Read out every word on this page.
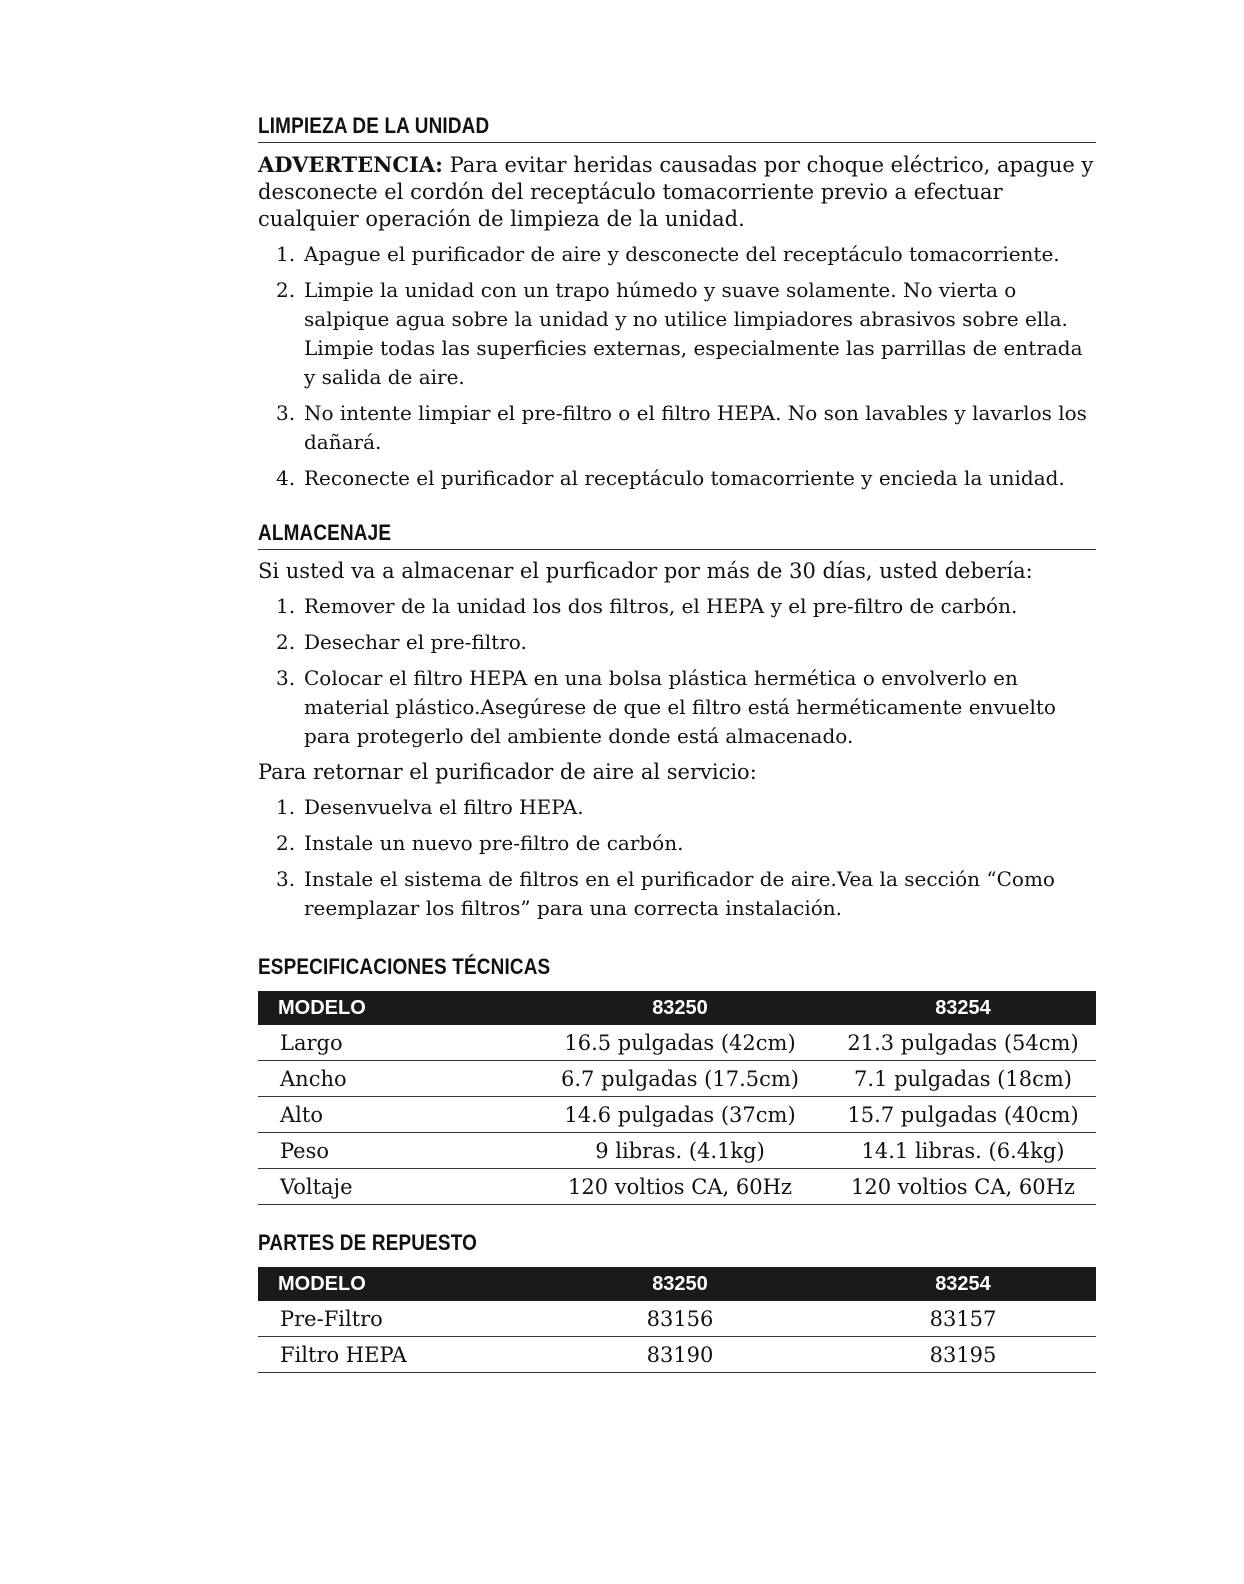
LIMPIEZA DE LA UNIDAD

ADVERTENCIA: Para evitar heridas causadas por choque eléctrico, apague y desconecte el cordón del receptáculo tomacorriente previo a efectuar cualquier operación de limpieza de la unidad.

1. Apague el purificador de aire y desconecte del receptáculo tomacorriente.
2. Limpie la unidad con un trapo húmedo y suave solamente. No vierta o salpique agua sobre la unidad y no utilice limpiadores abrasivos sobre ella. Limpie todas las superficies externas, especialmente las parrillas de entrada y salida de aire.
3. No intente limpiar el pre-filtro o el filtro HEPA. No son lavables y lavarlos los dañará.
4. Reconecte el purificador al receptáculo tomacorriente y encieda la unidad.
ALMACENAJE

Si usted va a almacenar el purficador por más de 30 días, usted debería:

1. Remover de la unidad los dos filtros, el HEPA y el pre-filtro de carbón.
2. Desechar el pre-filtro.
3. Colocar el filtro HEPA en una bolsa plástica hermética o envolverlo en material plástico.Asegúrese de que el filtro está herméticamente envuelto para protegerlo del ambiente donde está almacenado.

Para retornar el purificador de aire al servicio:

1. Desenvuelva el filtro HEPA.
2. Instale un nuevo pre-filtro de carbón.
3. Instale el sistema de filtros en el purificador de aire.Vea la sección “Como reemplazar los filtros” para una correcta instalación.
ESPECIFICACIONES TÉCNICAS
MODELO	83250	83254
Largo	16.5 pulgadas (42cm)	21.3 pulgadas (54cm)
Ancho	6.7 pulgadas (17.5cm)	7.1 pulgadas (18cm)
Alto	14.6 pulgadas (37cm)	15.7 pulgadas (40cm)
Peso	9 libras. (4.1kg)	14.1 libras. (6.4kg)
Voltaje	120 voltios CA, 60Hz	120 voltios CA, 60Hz
PARTES DE REPUESTO
MODELO	83250	83254
Pre-Filtro	83156	83157
Filtro HEPA	83190	83195
